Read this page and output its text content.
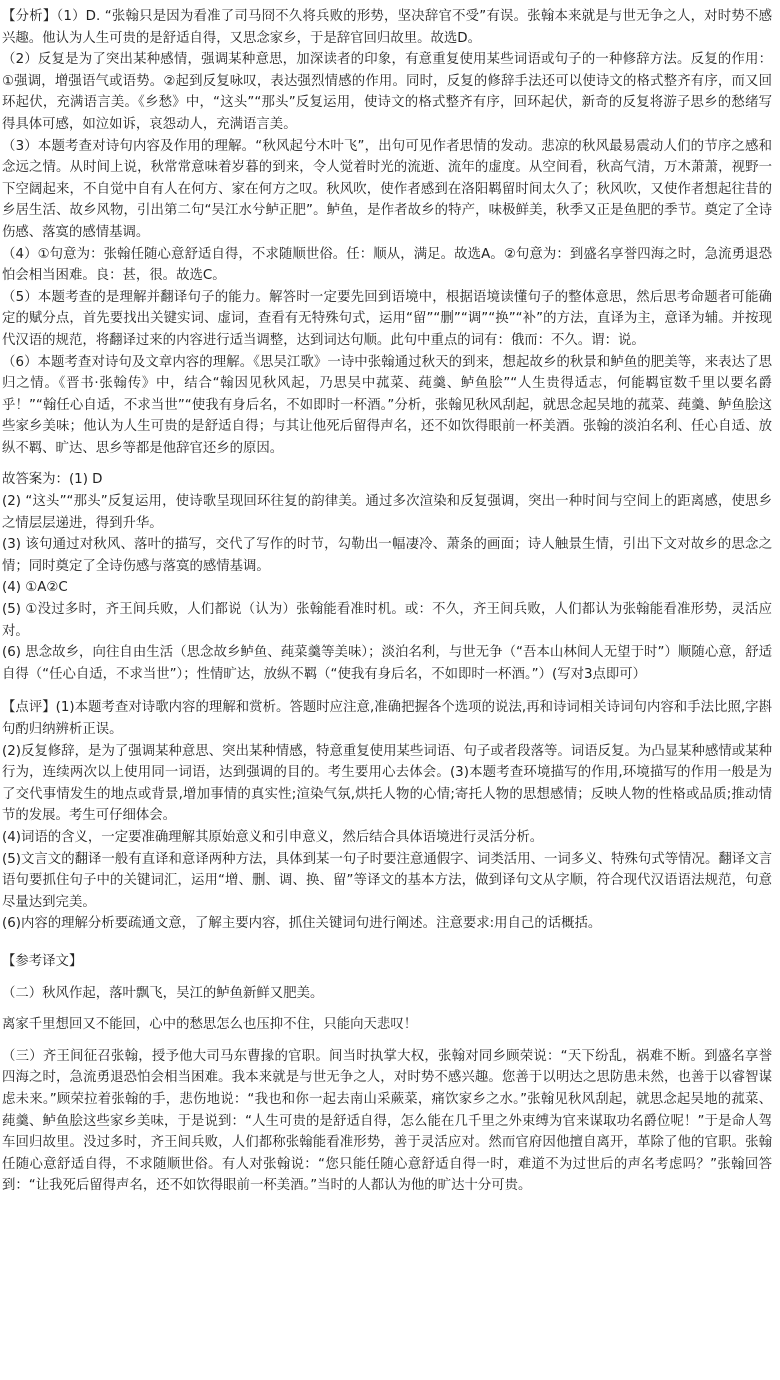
【分析】（1）D. “张翰只是因为看准了司马冏不久将兵败的形势，坚决辞官不受”有误。张翰本来就是与世无争之人，对时势不感兴趣。他认为人生可贵的是舒适自得，又思念家乡，于是辞官回归故里。故选D。

（2）反复是为了突出某种感情，强调某种意思，加深读者的印象，有意重复使用某些词语或句子的一种修辞方法。反复的作用：①强调，增强语气或语势。②起到反复咏叹，表达强烈情感的作用。同时，反复的修辞手法还可以使诗文的格式整齐有序，而又回环起伏，充满语言美。《乡愁》中，“这头”“那头”反复运用，使诗文的格式整齐有序，回环起伏，新奇的反复将游子思乡的愁绪写得具体可感，如泣如诉，哀怨动人，充满语言美。

（3）本题考查对诗句内容及作用的理解。“秋风起兮木叶飞”，出句可见作者思情的发动。悲凉的秋风最易震动人们的节序之感和念远之情。从时间上说，秋常常意味着岁暮的到来，令人觉着时光的流逝、流年的虚度。从空间看，秋高气清，万木萧萧，视野一下空阔起来，不自觉中自有人在何方、家在何方之叹。秋风吹，使作者感到在洛阳羁留时间太久了；秋风吹，又使作者想起往昔的乡居生活、故乡风物，引出第二句“吴江水兮鲈正肥”。鲈鱼，是作者故乡的特产，味极鲜美，秋季又正是鱼肥的季节。奠定了全诗伤感、落寞的感情基调。

（4）①句意为：张翰任随心意舒适自得，不求随顺世俗。任：顺从，满足。故选A。②句意为：到盛名享誉四海之时，急流勇退恐怕会相当困难。良：甚，很。故选C。

（5）本题考查的是理解并翻译句子的能力。解答时一定要先回到语境中，根据语境读懂句子的整体意思，然后思考命题者可能确定的赋分点，首先要找出关键实词、虚词，查看有无特殊句式，运用“留”“删”“调”“换”“补”的方法，直译为主，意译为辅。并按现代汉语的规范，将翻译过来的内容进行适当调整，达到词达句顺。此句中重点的词有：俄而：不久。谓：说。

（6）本题考查对诗句及文章内容的理解。《思吴江歌》一诗中张翰通过秋天的到来，想起故乡的秋景和鲈鱼的肥美等，来表达了思归之情。《晋书·张翰传》中，结合“翰因见秋风起，乃思吴中菰菜、莼羹、鲈鱼脍”“人生贵得适志，何能羁宦数千里以要名爵乎！”“翰任心自适，不求当世”“使我有身后名，不如即时一杯酒。”分析，张翰见秋风刮起，就思念起吴地的菰菜、莼羹、鲈鱼脍这些家乡美味；他认为人生可贵的是舒适自得；与其让他死后留得声名，还不如饮得眼前一杯美酒。张翰的淡泊名利、任心自适、放纵不羁、旷达、思乡等都是他辞官还乡的原因。

故答案为：(1) D

(2) “这头”“那头”反复运用，使诗歌呈现回环往复的韵律美。通过多次渲染和反复强调，突出一种时间与空间上的距离感，使思乡之情层层递进，得到升华。

(3) 该句通过对秋风、落叶的描写，交代了写作的时节，勾勒出一幅凄冷、萧条的画面；诗人触景生情，引出下文对故乡的思念之情；同时奠定了全诗伤感与落寞的感情基调。

(4) ①A②C

(5) ①没过多时，齐王间兵败，人们都说（认为）张翰能看准时机。或：不久，齐王间兵败，人们都认为张翰能看准形势，灵活应对。

(6) 思念故乡，向往自由生活（思念故乡鲈鱼、莼菜羹等美味）；淡泊名利，与世无争（“吾本山林间人无望于时”）顺随心意，舒适自得（“任心自适，不求当世”）；性情旷达，放纵不羁（“使我有身后名，不如即时一杯酒。”）(写对3点即可）

【点评】(1)本题考查对诗歌内容的理解和赏析。答题时应注意,准确把握各个选项的说法,再和诗词相关诗词句内容和手法比照,字斟句酌归纳辨析正误。

(2)反复修辞，是为了强调某种意思、突出某种情感，特意重复使用某些词语、句子或者段落等。词语反复。为凸显某种感情或某种行为，连续两次以上使用同一词语，达到强调的目的。考生要用心去体会。(3)本题考查环境描写的作用,环境描写的作用一般是为了交代事情发生的地点或背景,增加事情的真实性;渲染气氛,烘托人物的心情;寄托人物的思想感情；反映人物的性格或品质;推动情节的发展。考生可仔细体会。

(4)词语的含义，一定要准确理解其原始意义和引申意义，然后结合具体语境进行灵活分析。

(5)文言文的翻译一般有直译和意译两种方法，具体到某一句子时要注意通假字、词类活用、一词多义、特殊句式等情况。翻译文言语句要抓住句子中的关键词汇，运用“增、删、调、换、留”等译文的基本方法，做到译句文从字顺，符合现代汉语语法规范，句意尽量达到完美。

(6)内容的理解分析要疏通文意，了解主要内容，抓住关键词句进行阐述。注意要求:用自己的话概括。

【参考译文】

（二）秋风作起，落叶飘飞，吴江的鲈鱼新鲜又肥美。

离家千里想回又不能回，心中的愁思怎么也压抑不住，只能向天悲叹！

（三）齐王间征召张翰，授予他大司马东曹掾的官职。间当时执掌大权，张翰对同乡顾荣说：“天下纷乱，祸难不断。到盛名享誉四海之时，急流勇退恐怕会相当困难。我本来就是与世无争之人，对时势不感兴趣。您善于以明达之思防患未然，也善于以睿智谋虑未来。”顾荣拉着张翰的手，悲伤地说：“我也和你一起去南山采蕨菜，痛饮家乡之水。”张翰见秋风刮起，就思念起吴地的菰菜、莼羹、鲈鱼脍这些家乡美味，于是说到：“人生可贵的是舒适自得，怎么能在几千里之外束缚为官来谋取功名爵位呢！”于是命人驾车回归故里。没过多时，齐王间兵败，人们都称张翰能看准形势，善于灵活应对。然而官府因他擅自离开，革除了他的官职。张翰任随心意舒适自得，不求随顺世俗。有人对张翰说：“您只能任随心意舒适自得一时，难道不为过世后的声名考虑吗？”张翰回答到：“让我死后留得声名，还不如饮得眼前一杯美酒。”当时的人都认为他的旷达十分可贵。
